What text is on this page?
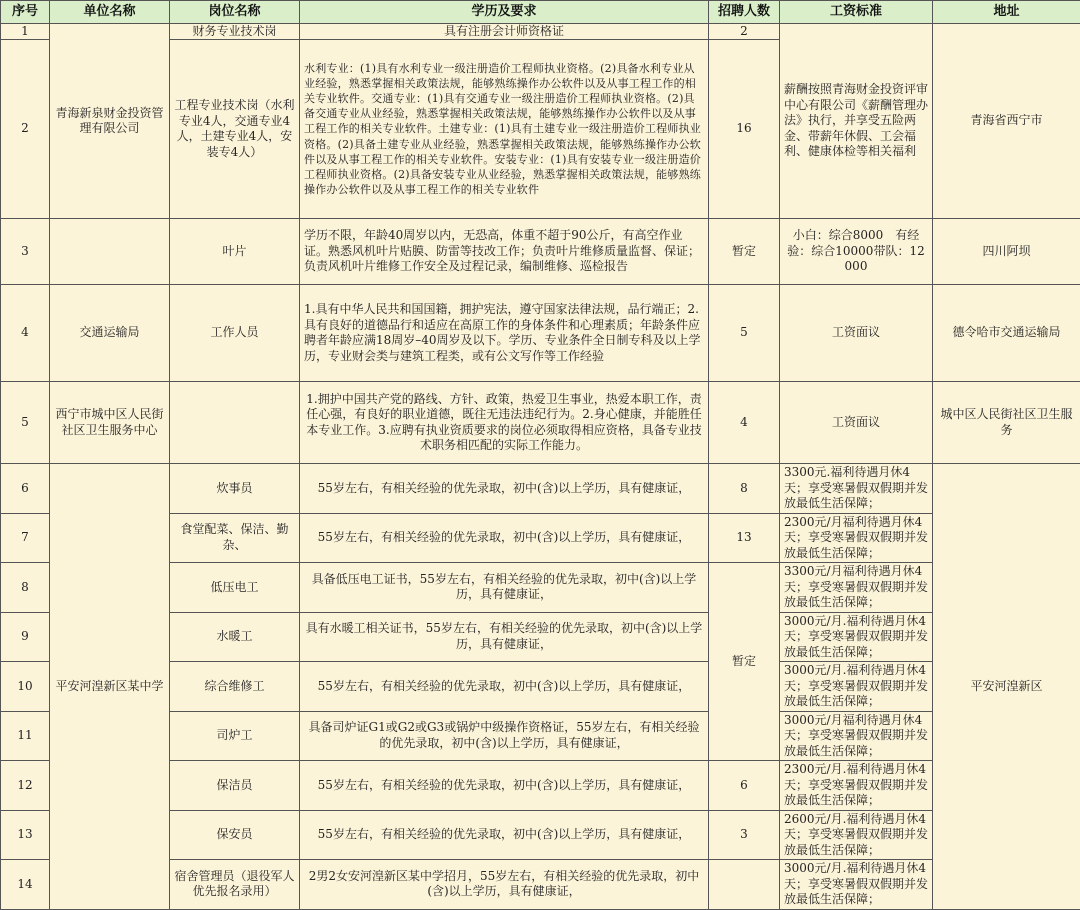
序号	单位名称	岗位名称	学历及要求	招聘人数	工资标准	地址
1	青海新泉财金投资管理有限公司	财务专业技术岗	具有注册会计师资格证	2	薪酬按照青海财金投资评审中心有限公司《薪酬管理办法》执行，并享受五险两金、带薪年休假、工会福利、健康体检等相关福利	青海省西宁市
2		工程专业技术岗（水利专业4人，交通专业4人，土建专业4人，安装专4人）	水利专业：(1)具有水利专业一级注册造价工程师执业资格。(2)具备水利专业从业经验，熟悉掌握相关政策法规，能够熟练操作办公软件以及从事工程工作的相关专业软件。交通专业：(1)具有交通专业一级注册造价工程师执业资格。(2)具备交通专业从业经验，熟悉掌握相关政策法规，能够熟练操作办公软件以及从事工程工作的相关专业软件。土建专业：(1)具有土建专业一级注册造价工程师执业资格。(2)具备土建专业从业经验，熟悉掌握相关政策法规，能够熟练操作办公软件以及从事工程工作的相关专业软件。安装专业：(1)具有安装专业一级注册造价工程师执业资格。(2)具备安装专业从业经验，熟悉掌握相关政策法规，能够熟练操作办公软件以及从事工程工作的相关专业软件	16		
3		叶片	学历不限，年龄40周岁以内，无恐高，体重不超于90公斤，有高空作业证。熟悉风机叶片贴膜、防雷等技改工作；负责叶片维修质量监督、保证；负责风机叶片维修工作安全及过程记录，编制维修、巡检报告	暂定	小白：综合8000　有经验：综合10000带队：12000	四川阿坝
4	交通运输局	工作人员	1.具有中华人民共和国国籍，拥护宪法，遵守国家法律法规，品行端正；2.具有良好的道德品行和适应在高原工作的身体条件和心理素质；年龄条件应聘者年龄应满18周岁–40周岁及以下。学历、专业条件全日制专科及以上学历，专业财会类与建筑工程类，或有公文写作等工作经验	5	工资面议	德令哈市交通运输局
5	西宁市城中区人民街社区卫生服务中心		1.拥护中国共产党的路线、方针、政策，热爱卫生事业，热爱本职工作，责任心强，有良好的职业道德，既往无违法违纪行为。2.身心健康，并能胜任本专业工作。3.应聘有执业资质要求的岗位必须取得相应资格，具备专业技术职务相匹配的实际工作能力。	4	工资面议	城中区人民街社区卫生服务
6	平安河湟新区某中学	炊事员	55岁左右，有相关经验的优先录取，初中(含)以上学历，具有健康证，	8	3300元.福利待遇月休4天；享受寒暑假双假期并发放最低生活保障；	平安河湟新区
7		食堂配菜、保洁、勤杂、	55岁左右，有相关经验的优先录取，初中(含)以上学历，具有健康证，	13	2300元/月福利待遇月休4天；享受寒暑假双假期并发放最低生活保障；	
8		低压电工	具备低压电工证书，55岁左右，有相关经验的优先录取，初中(含)以上学历，具有健康证，	暂定	3300元/月福利待遇月休4天；享受寒暑假双假期并发放最低生活保障；	
9		水暖工	具有水暖工相关证书，55岁左右，有相关经验的优先录取，初中(含)以上学历，具有健康证，		3000元/月.福利待遇月休4天；享受寒暑假双假期并发放最低生活保障；	
10		综合维修工	55岁左右，有相关经验的优先录取，初中(含)以上学历，具有健康证，		3000元/月.福利待遇月休4天；享受寒暑假双假期并发放最低生活保障；	
11		司炉工	具备司炉证G1或G2或G3或锅炉中级操作资格证，55岁左右，有相关经验的优先录取，初中(含)以上学历，具有健康证，		3000元/月福利待遇月休4天；享受寒暑假双假期并发放最低生活保障；	
12		保洁员	55岁左右，有相关经验的优先录取，初中(含)以上学历，具有健康证，	6	2300元/月.福利待遇月休4天；享受寒暑假双假期并发放最低生活保障；	
13		保安员	55岁左右，有相关经验的优先录取，初中(含)以上学历，具有健康证，	3	2600元/月.福利待遇月休4天；享受寒暑假双假期并发放最低生活保障；	
14		宿舍管理员（退役军人优先报名录用）	2男2女安河湟新区某中学招月，55岁左右，有相关经验的优先录取，初中(含)以上学历，具有健康证，		3000元/月.福利待遇月休4天；享受寒暑假双假期并发放最低生活保障；	
